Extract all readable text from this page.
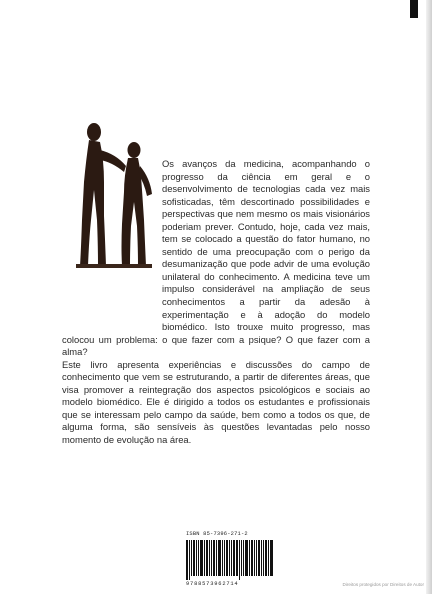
Os avanços da medicina, acompanhando o progresso da ciência em geral e o desenvolvimento de tecnologias cada vez mais sofisticadas, têm descortinado possibilidades e perspectivas que nem mesmo os mais visionários poderiam prever. Contudo, hoje, cada vez mais, tem se colocado a questão do fator humano, no sentido de uma preocupação com o perigo da desumanização que pode advir de uma evolução unilateral do conhecimento. A medicina teve um impulso considerável na ampliação de seus conhecimentos a partir da adesão à experimentação e à adoção do modelo biomédico. Isto trouxe muito progresso, mas colocou um problema: o que fazer com a psique? O que fazer com a alma?

Este livro apresenta experiências e discussões do campo de conhecimento que vem se estruturando, a partir de diferentes áreas, que visa promover a reintegração dos aspectos psicológicos e sociais ao modelo biomédico. Ele é dirigido a todos os estudantes e profissionais que se interessam pelo campo da saúde, bem como a todos os que, de alguma forma, são sensíveis às questões levantadas pelo nosso momento de evolução na área.

ISBN 85-7396-271-2
9788573962714	Direitos protegidos por Direitos de Autor
